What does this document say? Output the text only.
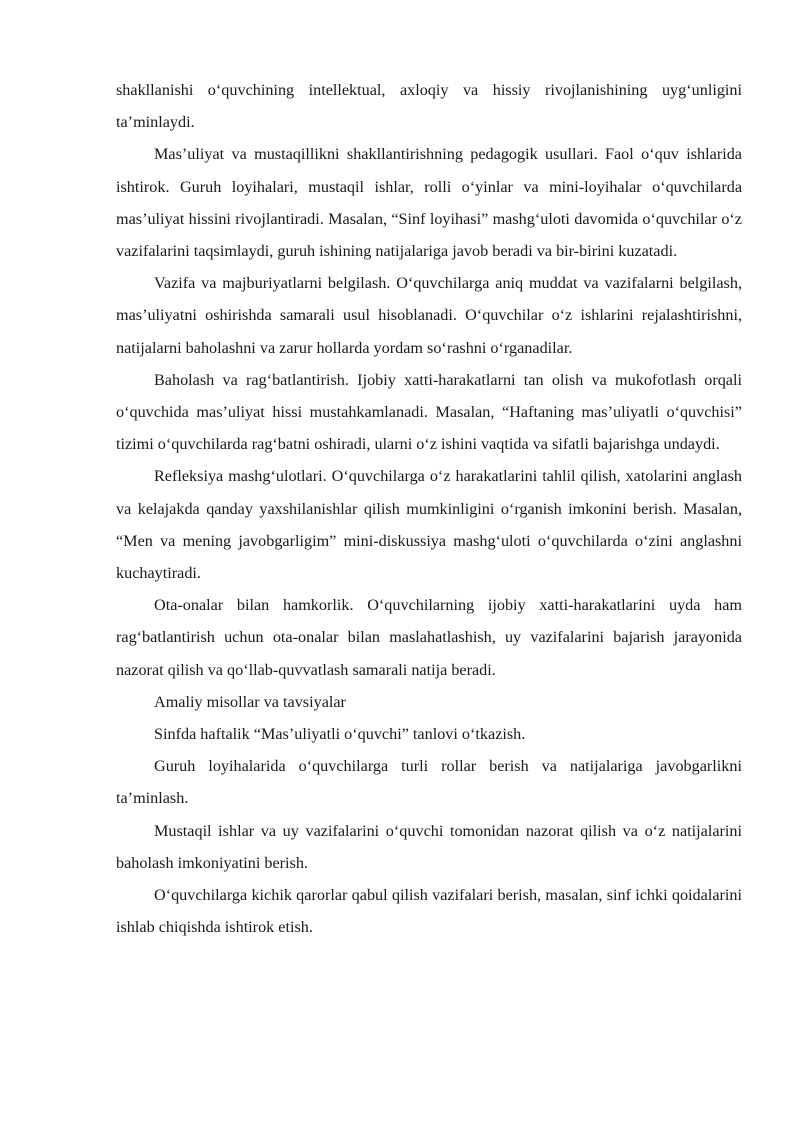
shakllanishi o‘quvchining intellektual, axloqiy va hissiy rivojlanishining uyg‘unligini ta’minlaydi.

Mas’uliyat va mustaqillikni shakllantirishning pedagogik usullari. Faol o‘quv ishlarida ishtirok. Guruh loyihalari, mustaqil ishlar, rolli o‘yinlar va mini-loyihalar o‘quvchilarda mas’uliyat hissini rivojlantiradi. Masalan, “Sinf loyihasi” mashg‘uloti davomida o‘quvchilar o‘z vazifalarini taqsimlaydi, guruh ishining natijalariga javob beradi va bir-birini kuzatadi.

Vazifa va majburiyatlarni belgilash. O‘quvchilarga aniq muddat va vazifalarni belgilash, mas’uliyatni oshirishda samarali usul hisoblanadi. O‘quvchilar o‘z ishlarini rejalashtirishni, natijalarni baholashni va zarur hollarda yordam so‘rashni o‘rganadilar.

Baholash va rag‘batlantirish. Ijobiy xatti-harakatlarni tan olish va mukofotlash orqali o‘quvchida mas’uliyat hissi mustahkamlanadi. Masalan, “Haftaning mas’uliyatli o‘quvchisi” tizimi o‘quvchilarda rag‘batni oshiradi, ularni o‘z ishini vaqtida va sifatli bajarishga undaydi.

Refleksiya mashg‘ulotlari. O‘quvchilarga o‘z harakatlarini tahlil qilish, xatolarini anglash va kelajakda qanday yaxshilanishlar qilish mumkinligini o‘rganish imkonini berish. Masalan, “Men va mening javobgarligim” mini-diskussiya mashg‘uloti o‘quvchilarda o‘zini anglashni kuchaytiradi.

Ota-onalar bilan hamkorlik. O‘quvchilarning ijobiy xatti-harakatlarini uyda ham rag‘batlantirish uchun ota-onalar bilan maslahatlashish, uy vazifalarini bajarish jarayonida nazorat qilish va qo‘llab-quvvatlash samarali natija beradi.

Amaliy misollar va tavsiyalar

Sinfda haftalik “Mas’uliyatli o‘quvchi” tanlovi o‘tkazish.

Guruh loyihalarida o‘quvchilarga turli rollar berish va natijalariga javobgarlikni ta’minlash.

Mustaqil ishlar va uy vazifalarini o‘quvchi tomonidan nazorat qilish va o‘z natijalarini baholash imkoniyatini berish.

O‘quvchilarga kichik qarorlar qabul qilish vazifalari berish, masalan, sinf ichki qoidalarini ishlab chiqishda ishtirok etish.
